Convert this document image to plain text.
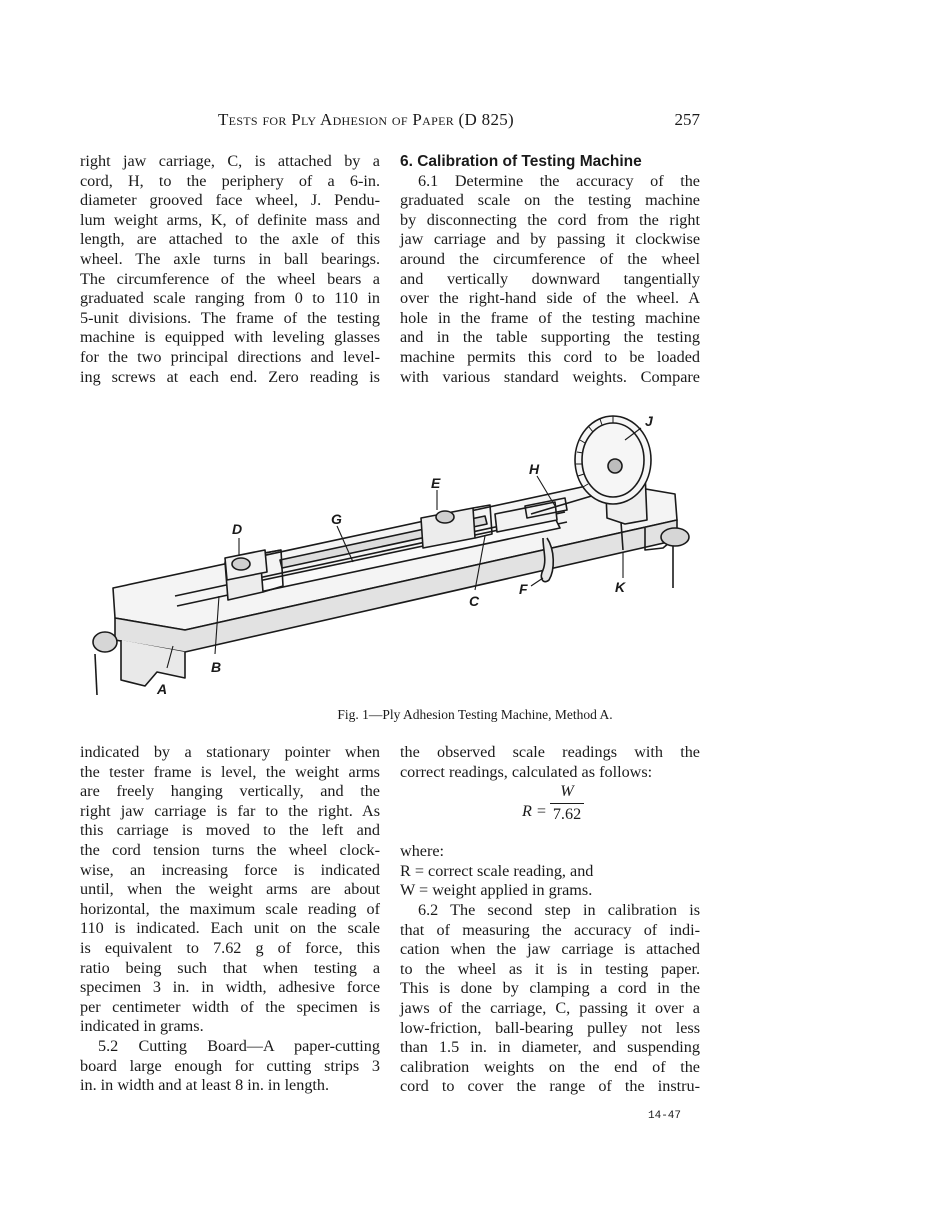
Tests for Ply Adhesion of Paper (D 825)	257

right jaw carriage, C, is attached by a

cord, H, to the periphery of a 6-in.

diameter grooved face wheel, J. Pendu-

lum weight arms, K, of definite mass and

length, are attached to the axle of this

wheel. The axle turns in ball bearings.

The circumference of the wheel bears a

graduated scale ranging from 0 to 110 in

5-unit divisions. The frame of the testing

machine is equipped with leveling glasses

for the two principal directions and level-

ing screws at each end. Zero reading is

6. Calibration of Testing Machine

6.1 Determine the accuracy of the

graduated scale on the testing machine

by disconnecting the cord from the right

jaw carriage and by passing it clockwise

around the circumference of the wheel

and vertically downward tangentially

over the right-hand side of the wheel. A

hole in the frame of the testing machine

and in the table supporting the testing

machine permits this cord to be loaded

with various standard weights. Compare

D
G
E
H
J
A
B
C
F	K
Fig. 1—Ply Adhesion Testing Machine, Method A.

indicated by a stationary pointer when

the tester frame is level, the weight arms

are freely hanging vertically, and the

right jaw carriage is far to the right. As

this carriage is moved to the left and

the cord tension turns the wheel clock-

wise, an increasing force is indicated

until, when the weight arms are about

horizontal, the maximum scale reading of

110 is indicated. Each unit on the scale

is equivalent to 7.62 g of force, this

ratio being such that when testing a

specimen 3 in. in width, adhesive force

per centimeter width of the specimen is

indicated in grams.

5.2 Cutting Board—A paper-cutting

board large enough for cutting strips 3

in. in width and at least 8 in. in length.

the observed scale readings with the

correct readings, calculated as follows:

R =
W
7.62

where:

R = correct scale reading, and

W = weight applied in grams.

6.2 The second step in calibration is

that of measuring the accuracy of indi-

cation when the jaw carriage is attached

to the wheel as it is in testing paper.

This is done by clamping a cord in the

jaws of the carriage, C, passing it over a

low-friction, ball-bearing pulley not less

than 1.5 in. in diameter, and suspending

calibration weights on the end of the

cord to cover the range of the instru-

14-47
